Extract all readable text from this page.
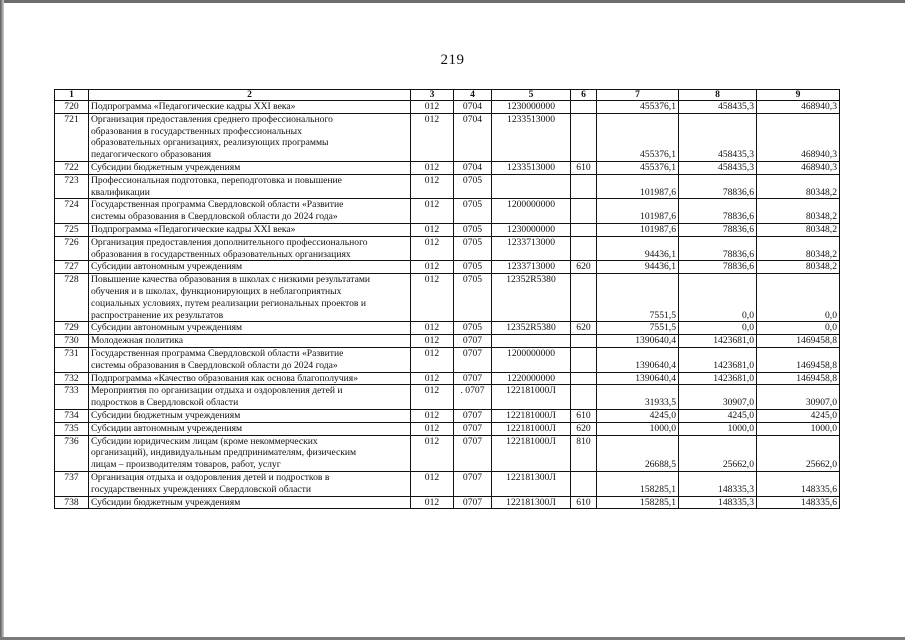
219
1	2	3	4	5	6	7	8	9
720	Подпрограмма «Педагогические кадры XXI века»	012	0704	1230000000		455376,1	458435,3	468940,3
721	Организация предоставления среднего профессионального
образования в государственных профессиональных
образовательных организациях, реализующих программы
педагогического образования	012	0704	1233513000		455376,1	458435,3	468940,3
722	Субсидии бюджетным учреждениям	012	0704	1233513000	610	455376,1	458435,3	468940,3
723	Профессиональная подготовка, переподготовка и повышение
квалификации	012	0705			101987,6	78836,6	80348,2
724	Государственная программа Свердловской области «Развитие
системы образования в Свердловской области до 2024 года»	012	0705	1200000000		101987,6	78836,6	80348,2
725	Подпрограмма «Педагогические кадры XXI века»	012	0705	1230000000		101987,6	78836,6	80348,2
726	Организация предоставления дополнительного профессионального
образования в государственных образовательных организациях	012	0705	1233713000		94436,1	78836,6	80348,2
727	Субсидии автономным учреждениям	012	0705	1233713000	620	94436,1	78836,6	80348,2
728	Повышение качества образования в школах с низкими результатами
обучения и в школах, функционирующих в неблагоприятных
социальных условиях, путем реализации региональных проектов и
распространение их результатов	012	0705	12352R5380		7551,5	0,0	0,0
729	Субсидии автономным учреждениям	012	0705	12352R5380	620	7551,5	0,0	0,0
730	Молодежная политика	012	0707			1390640,4	1423681,0	1469458,8
731	Государственная программа Свердловской области «Развитие
системы образования в Свердловской области до 2024 года»	012	0707	1200000000		1390640,4	1423681,0	1469458,8
732	Подпрограмма «Качество образования как основа благополучия»	012	0707	1220000000		1390640,4	1423681,0	1469458,8
733	Мероприятия по организации отдыха и оздоровления детей и
подростков в Свердловской области	012	. 0707	122181000Л		31933,5	30907,0	30907,0
734	Субсидии бюджетным учреждениям	012	0707	122181000Л	610	4245,0	4245,0	4245,0
735	Субсидии автономным учреждениям	012	0707	122181000Л	620	1000,0	1000,0	1000,0
736	Субсидии юридическим лицам (кроме некоммерческих
организаций), индивидуальным предпринимателям, физическим
лицам – производителям товаров, работ, услуг	012	0707	122181000Л	810	26688,5	25662,0	25662,0
737	Организация отдыха и оздоровления детей и подростков в
государственных учреждениях Свердловской области	012	0707	122181300Л		158285,1	148335,3	148335,6
738	Субсидии бюджетным учреждениям	012	0707	122181300Л	610	158285,1	148335,3	148335,6
